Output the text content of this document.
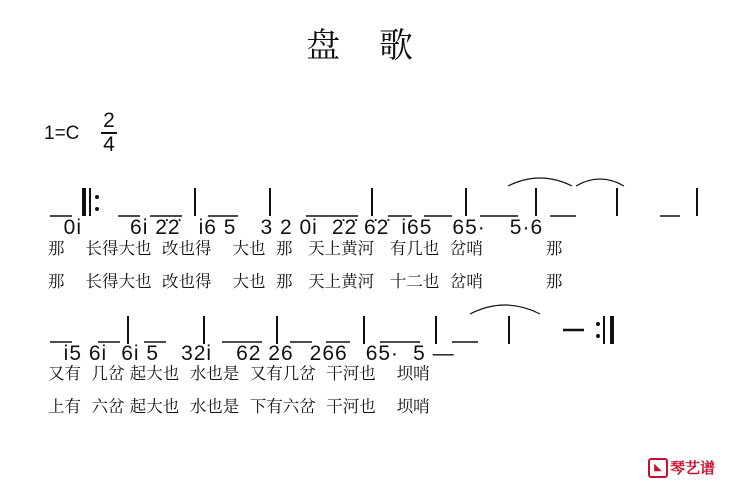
盘 歌
1=C
2
4

0i 6i 2̇2̇ i6 5 3 2 0i 2̇2̇ 6̇2̇ i65 65· 5·6

那    长得大也  改也得    大也  那   天上黄河   有几也  岔哨            那
那    长得大也  改也得    大也  那   天上黄河   十二也  岔哨            那

i5 6i 6i 5 32i 62 26 266 65· 5 —

又有  几岔 起大也  水也是  又有几岔  干河也    坝哨
上有  六岔 起大也  水也是  下有六岔  干河也    坝哨
◣ 琴艺谱
